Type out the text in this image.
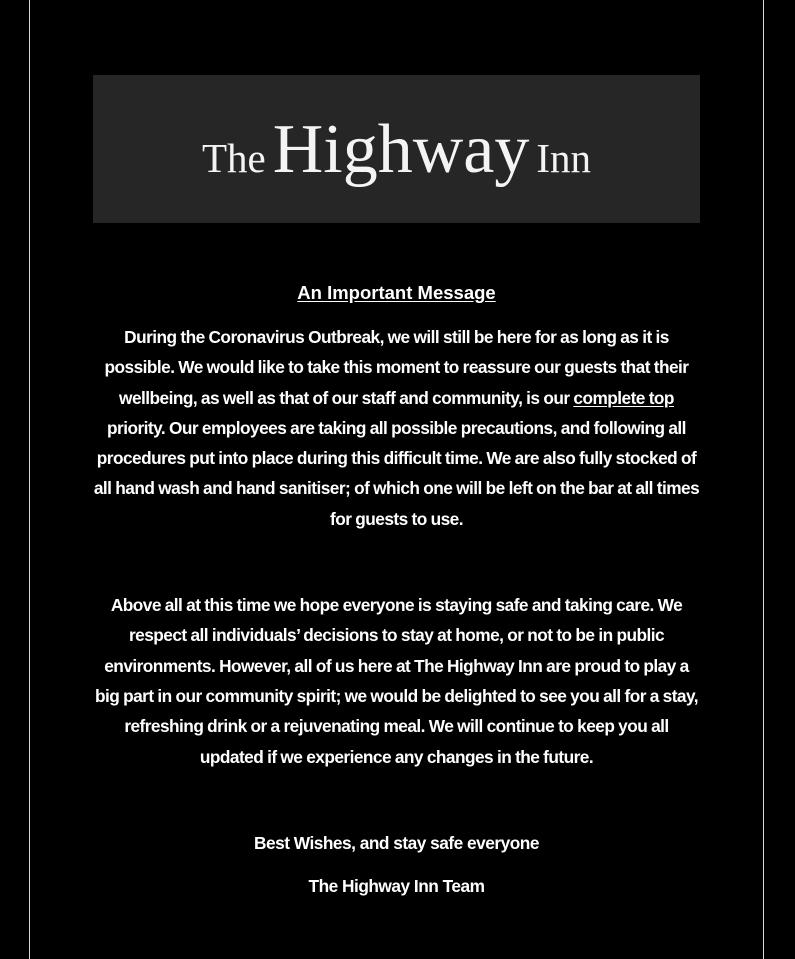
The Highway Inn
An Important Message

During the Coronavirus Outbreak, we will still be here for as long as it is possible. We would like to take this moment to reassure our guests that their wellbeing, as well as that of our staff and community, is our complete top priority. Our employees are taking all possible precautions, and following all procedures put into place during this difficult time. We are also fully stocked of all hand wash and hand sanitiser; of which one will be left on the bar at all times for guests to use.

Above all at this time we hope everyone is staying safe and taking care. We respect all individuals’ decisions to stay at home, or not to be in public environments. However, all of us here at The Highway Inn are proud to play a big part in our community spirit; we would be delighted to see you all for a stay, refreshing drink or a rejuvenating meal. We will continue to keep you all updated if we experience any changes in the future.

Best Wishes, and stay safe everyone

The Highway Inn Team
